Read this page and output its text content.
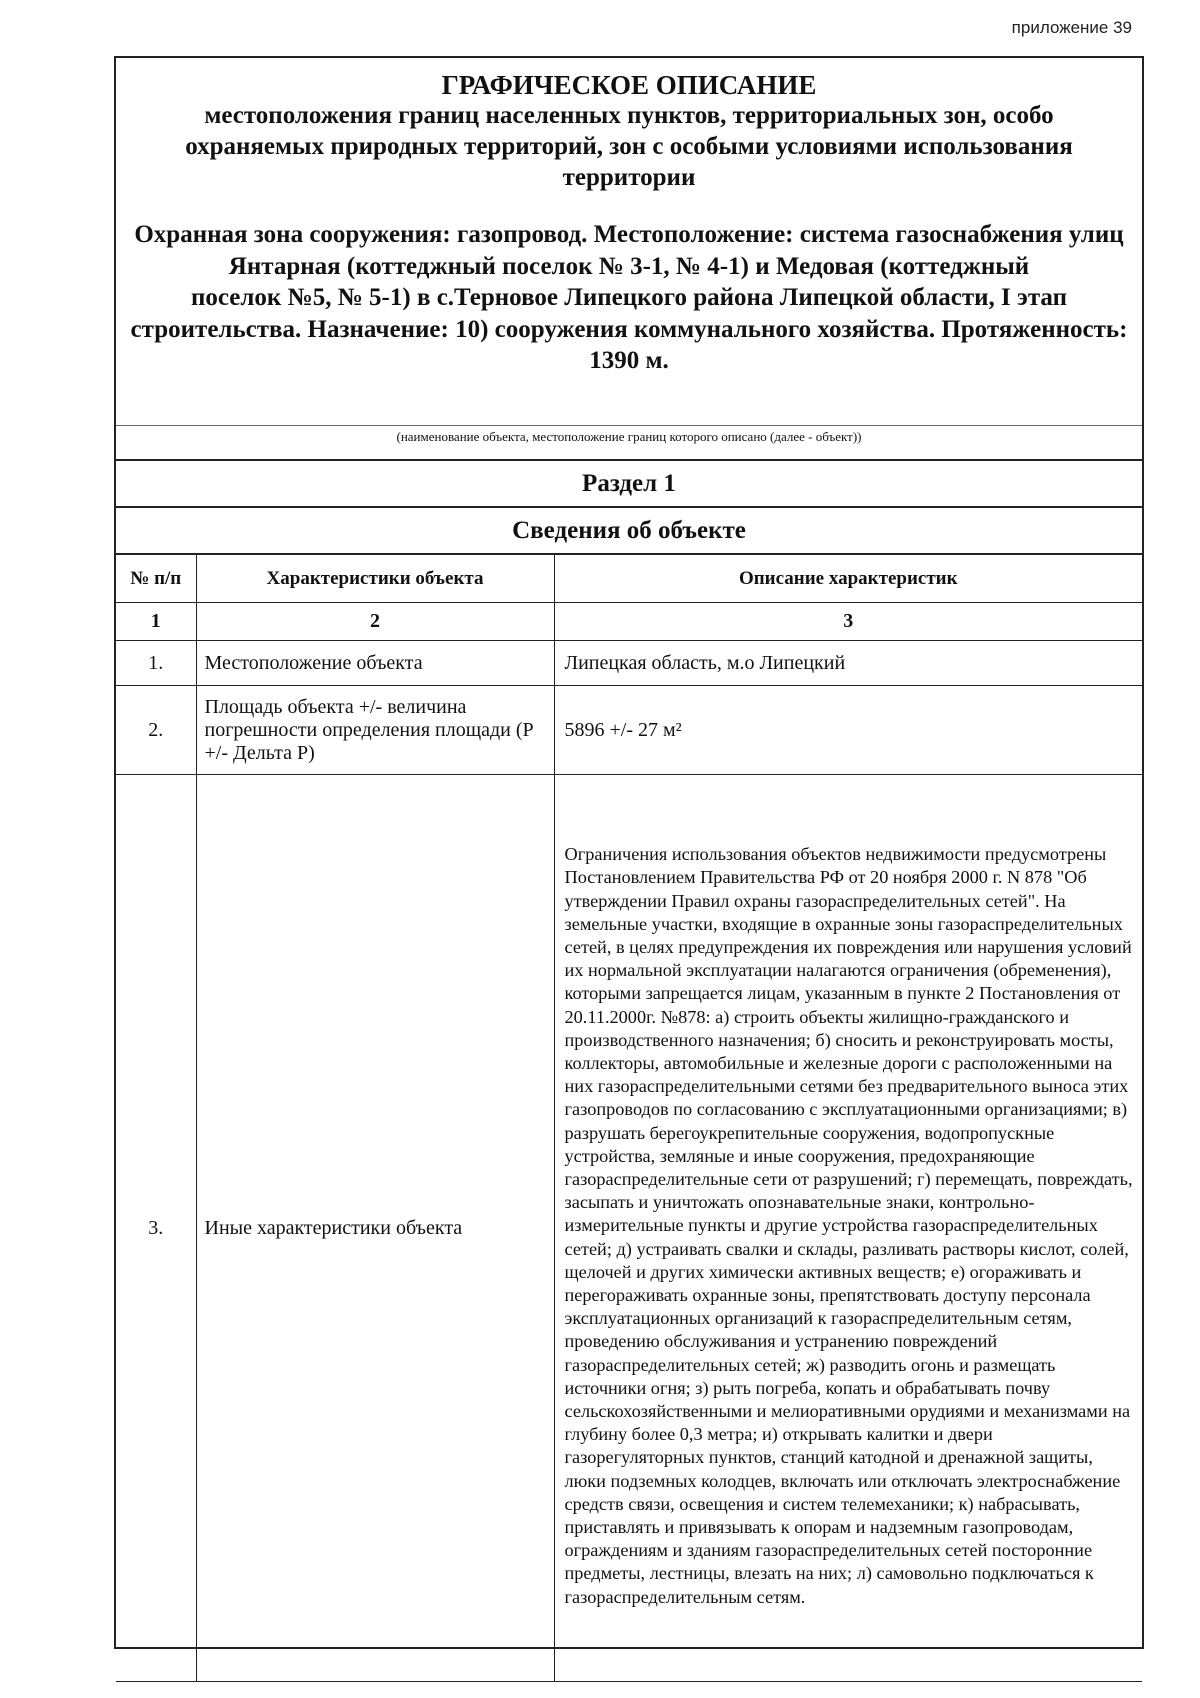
приложение 39
ГРАФИЧЕСКОЕ ОПИСАНИЕ
местоположения границ населенных пунктов, территориальных зон, особо охраняемых природных территорий, зон с особыми условиями использования территории
Охранная зона сооружения: газопровод. Местоположение: система газоснабжения улиц Янтарная (коттеджный поселок № 3-1, № 4-1) и Медовая (коттеджный
поселок №5, № 5-1) в с.Терновое Липецкого района Липецкой области, I этап строительства. Назначение: 10) сооружения коммунального хозяйства. Протяженность: 1390 м.
(наименование объекта, местоположение границ которого описано (далее - объект))
Раздел 1
Сведения об объекте
№ п/п	Характеристики объекта	Описание характеристик
1	2	3
1.	Местоположение объекта	Липецкая область, м.о Липецкий
2.	Площадь объекта +/- величина погрешности определения площади (Р +/- Дельта Р)	5896 +/- 27 м²
3.	Иные характеристики объекта	Ограничения использования объектов недвижимости предусмотрены Постановлением Правительства РФ от 20 ноября 2000 г. N 878 "Об утверждении Правил охраны газораспределительных сетей". На земельные участки, входящие в охранные зоны газораспределительных сетей, в целях предупреждения их повреждения или нарушения условий их нормальной эксплуатации налагаются ограничения (обременения), которыми запрещается лицам, указанным в пункте 2 Постановления от 20.11.2000г. №878: а) строить объекты жилищно-гражданского и производственного назначения; б) сносить и реконструировать мосты, коллекторы, автомобильные и железные дороги с расположенными на них газораспределительными сетями без предварительного выноса этих газопроводов по согласованию с эксплуатационными организациями; в) разрушать берегоукрепительные сооружения, водопропускные устройства, земляные и иные сооружения, предохраняющие газораспределительные сети от разрушений; г) перемещать, повреждать, засыпать и уничтожать опознавательные знаки, контрольно-измерительные пункты и другие устройства газораспределительных сетей; д) устраивать свалки и склады, разливать растворы кислот, солей, щелочей и других химически активных веществ; е) огораживать и перегораживать охранные зоны, препятствовать доступу персонала эксплуатационных организаций к газораспределительным сетям, проведению обслуживания и устранению повреждений газораспределительных сетей; ж) разводить огонь и размещать источники огня; з) рыть погреба, копать и обрабатывать почву сельскохозяйственными и мелиоративными орудиями и механизмами на глубину более 0,3 метра; и) открывать калитки и двери газорегуляторных пунктов, станций катодной и дренажной защиты, люки подземных колодцев, включать или отключать электроснабжение средств связи, освещения и систем телемеханики; к) набрасывать, приставлять и привязывать к опорам и надземным газопроводам, ограждениям и зданиям газораспределительных сетей посторонние предметы, лестницы, влезать на них; л) самовольно подключаться к газораспределительным сетям.
